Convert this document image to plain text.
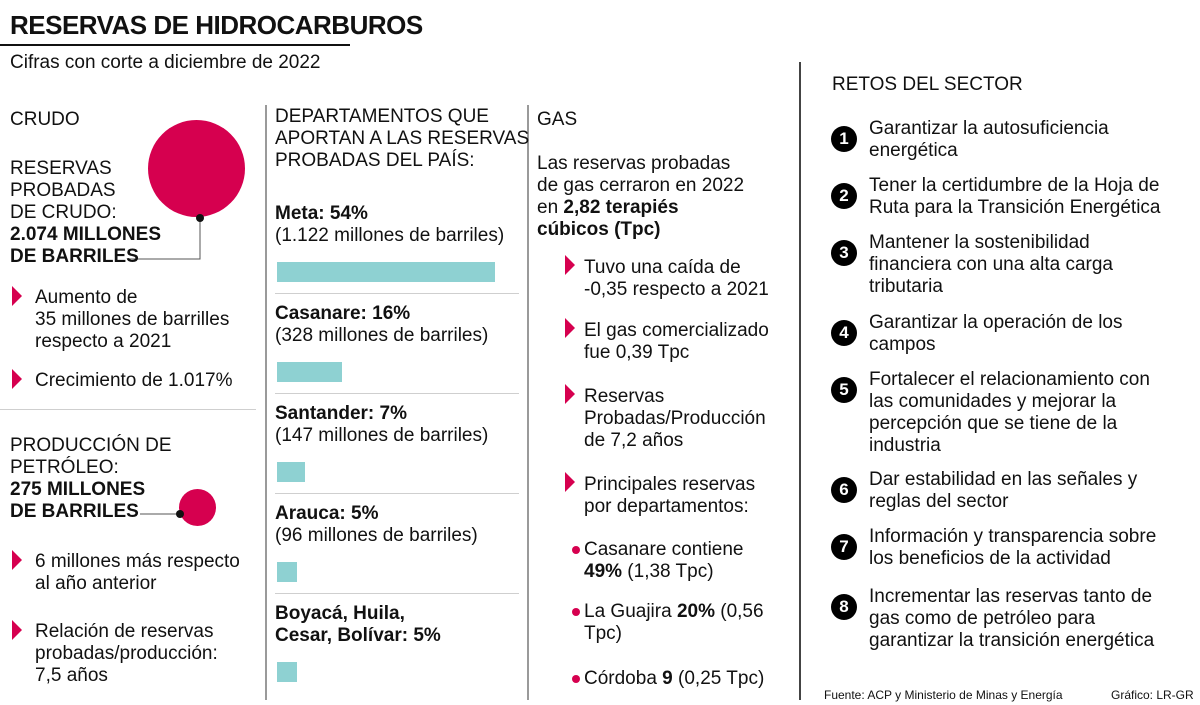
RESERVAS DE HIDROCARBUROS
Cifras con corte a diciembre de 2022
CRUDO
RESERVAS
PROBADAS
DE CRUDO:
2.074 MILLONES
DE BARRILES
Aumento de
35 millones de barrilles
respecto a 2021
Crecimiento de 1.017%
PRODUCCIÓN DE
PETRÓLEO:
275 MILLONES
DE BARRILES
6 millones más respecto
al año anterior
Relación de reservas
probadas/producción:
7,5 años
DEPARTAMENTOS QUE
APORTAN A LAS RESERVAS
PROBADAS DEL PAÍS:
Meta: 54%
(1.122 millones de barriles)
Casanare: 16%
(328 millones de barriles)
Santander: 7%
(147 millones de barriles)
Arauca: 5%
(96 millones de barriles)
Boyacá, Huila,
Cesar, Bolívar: 5%
GAS
Las reservas probadas
de gas cerraron en 2022
en 2,82 terapiés
cúbicos (Tpc)
Tuvo una caída de
-0,35 respecto a 2021
El gas comercializado
fue 0,39 Tpc
Reservas
Probadas/Producción
de 7,2 años
Principales reservas
por departamentos:
Casanare contiene
49% (1,38 Tpc)
La Guajira 20% (0,56
Tpc)
Córdoba 9 (0,25 Tpc)
RETOS DEL SECTOR
1	Garantizar la autosuficiencia
energética
2	Tener la certidumbre de la Hoja de
Ruta para la Transición Energética
3	Mantener la sostenibilidad
financiera con una alta carga
tributaria
4	Garantizar la operación de los
campos
5	Fortalecer el relacionamiento con
las comunidades y mejorar la
percepción que se tiene de la
industria
6	Dar estabilidad en las señales y
reglas del sector
7	Información y transparencia sobre
los beneficios de la actividad
8	Incrementar las reservas tanto de
gas como de petróleo para
garantizar la transición energética
Fuente: ACP y Ministerio de Minas y Energía	Gráfico: LR-GR
